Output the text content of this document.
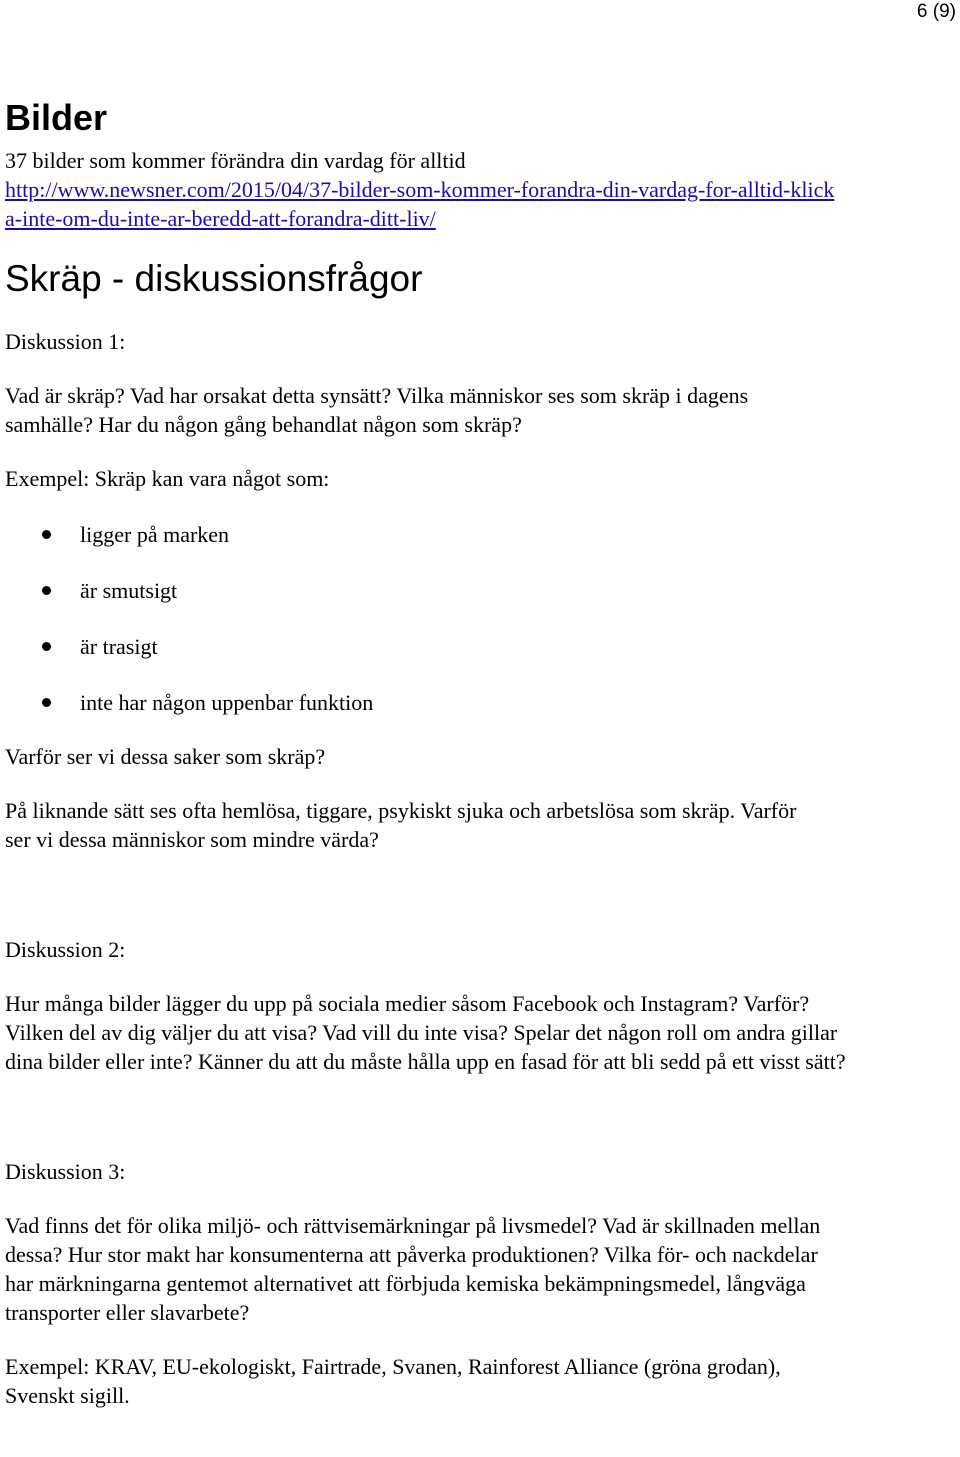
6 (9)
Bilder

37 bilder som kommer förändra din vardag för alltid

http://www.newsner.com/2015/04/37-bilder-som-kommer-forandra-din-vardag-for-alltid-klicka-inte-om-du-inte-ar-beredd-att-forandra-ditt-liv/
Skräp - diskussionsfrågor

Diskussion 1:

Vad är skräp? Vad har orsakat detta synsätt? Vilka människor ses som skräp i dagens samhälle? Har du någon gång behandlat någon som skräp?

Exempel: Skräp kan vara något som:

ligger på marken
är smutsigt
är trasigt
inte har någon uppenbar funktion

Varför ser vi dessa saker som skräp?

På liknande sätt ses ofta hemlösa, tiggare, psykiskt sjuka och arbetslösa som skräp. Varför ser vi dessa människor som mindre värda?

Diskussion 2:

Hur många bilder lägger du upp på sociala medier såsom Facebook och Instagram? Varför? Vilken del av dig väljer du att visa? Vad vill du inte visa? Spelar det någon roll om andra gillar dina bilder eller inte? Känner du att du måste hålla upp en fasad för att bli sedd på ett visst sätt?

Diskussion 3:

Vad finns det för olika miljö- och rättvisemärkningar på livsmedel? Vad är skillnaden mellan dessa? Hur stor makt har konsumenterna att påverka produktionen? Vilka för- och nackdelar har märkningarna gentemot alternativet att förbjuda kemiska bekämpningsmedel, långväga transporter eller slavarbete?

Exempel: KRAV, EU-ekologiskt, Fairtrade, Svanen, Rainforest Alliance (gröna grodan), Svenskt sigill.
